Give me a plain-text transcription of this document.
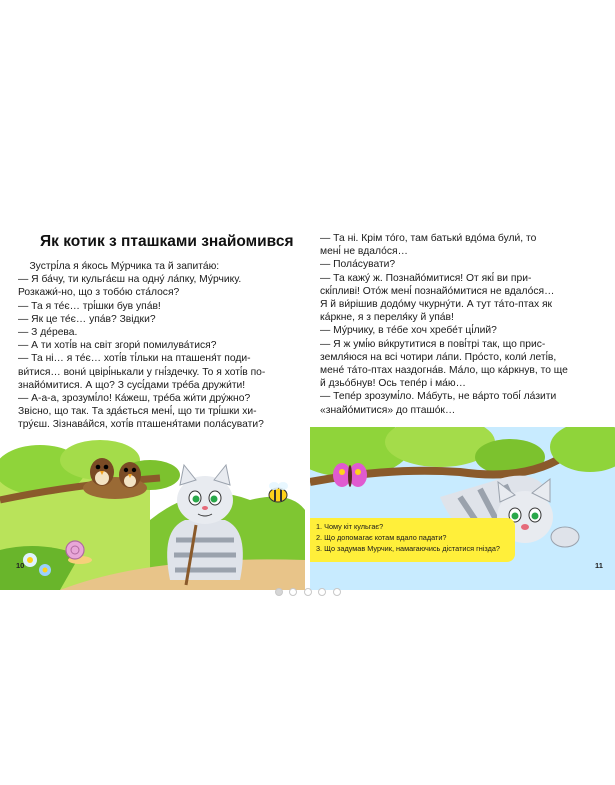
Як котик з пташками знайомився

Зустрі́ла я я́кось Му́рчика та й запита́ю:

— Я ба́чу, ти кульга́єш на одну́ ла́пку, Му́рчику.

Розкажи́-но, що з тобо́ю ста́лося?

— Та я те́є… трі́шки був упа́в!

— Як це те́є… упа́в? Звідки?

— З де́рева.

— А ти хоті́в на світ згори́ помилува́тися?

— Та ні… я те́є… хоті́в ті́льки на пташеня́т поди-

ви́тися… вони́ цвірі́нькали у гні́здечку. То я хоті́в по-

знайо́митися. А що? З сусі́дами тре́ба дружи́ти!

— А-а-а, зрозумі́ло! Ка́жеш, тре́ба жи́ти дру́жно?

Звісно, що так. Та зда́ється мені́, що ти трі́шки хи-

тру́єш. Зізнава́йся, хоті́в пташеня́тами пола́сувати?

10

— Та ні. Крім то́го, там батьки́ вдо́ма були́, то

мені́ не вдало́ся…

— Пола́сувати?

— Та кажу́ ж. Познайо́митися! От які́ ви при-

скі́пливі! Ото́ж мені́ познайо́митися не вдало́ся…

Я й ви́рішив додо́му чкурну́ти. А тут та́то-птах як

ка́ркне, я з переля́ку й упа́в!

— Му́рчику, в те́бе хоч хребе́т ці́лий?

— Я ж умі́ю ви́крутитися в пові́трі так, що прис-

земля́юся на всі чотири ла́пи. Про́сто, коли́ леті́в,

мене́ та́то-птах наздогна́в. Ма́ло, що ка́ркнув, то ще

й дзьо́бнув! Ось тепе́р і ма́ю…

— Тепе́р зрозумі́ло. Ма́буть, не ва́рто тобі́ ла́зити

«знайо́митися» до пташо́к…

1. Чому кіт кульгає?
2. Що допомагає котам вдало падати?
3. Що задумав Мурчик, намагаючись дістатися гнізда?
11
